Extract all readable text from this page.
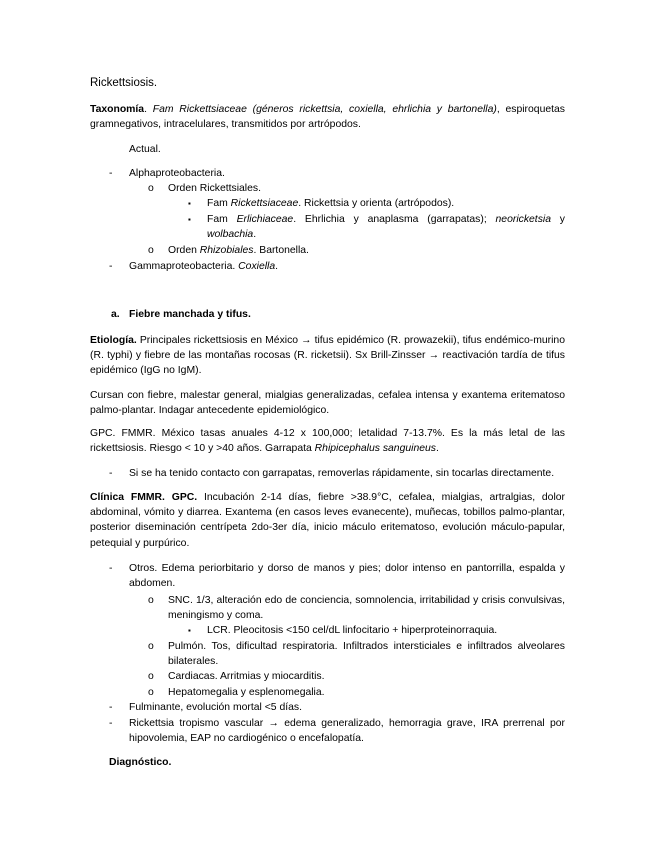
Rickettsiosis.

Taxonomía. Fam Rickettsiaceae (géneros rickettsia, coxiella, ehrlichia y bartonella), espiroquetas gramnegativos, intracelulares, transmitidos por artrópodos.

Actual.

- Alphaproteobacteria.

o Orden Rickettsiales.

▪ Fam Rickettsiaceae. Rickettsia y orienta (artrópodos).

▪ Fam Erlichiaceae. Ehrlichia y anaplasma (garrapatas); neoricketsia y wolbachia.

o Orden Rhizobiales. Bartonella.

- Gammaproteobacteria. Coxiella.

a. Fiebre manchada y tifus.

Etiología. Principales rickettsiosis en México → tifus epidémico (R. prowazekii), tifus endémico-murino (R. typhi) y fiebre de las montañas rocosas (R. ricketsii). Sx Brill-Zinsser → reactivación tardía de tifus epidémico (IgG no IgM).

Cursan con fiebre, malestar general, mialgias generalizadas, cefalea intensa y exantema eritematoso palmo-plantar. Indagar antecedente epidemiológico.

GPC. FMMR. México tasas anuales 4-12 x 100,000; letalidad 7-13.7%. Es la más letal de las rickettsiosis. Riesgo < 10 y >40 años. Garrapata Rhipicephalus sanguineus.

- Si se ha tenido contacto con garrapatas, removerlas rápidamente, sin tocarlas directamente.

Clínica FMMR. GPC. Incubación 2-14 días, fiebre >38.9°C, cefalea, mialgias, artralgias, dolor abdominal, vómito y diarrea. Exantema (en casos leves evanecente), muñecas, tobillos palmo-plantar, posterior diseminación centrípeta 2do-3er día, inicio máculo eritematoso, evolución máculo-papular, petequial y purpúrico.

- Otros. Edema periorbitario y dorso de manos y pies; dolor intenso en pantorrilla, espalda y abdomen.

o SNC. 1/3, alteración edo de conciencia, somnolencia, irritabilidad y crisis convulsivas, meningismo y coma.

▪ LCR. Pleocitosis <150 cel/dL linfocitario + hiperproteinorraquia.

o Pulmón. Tos, dificultad respiratoria. Infiltrados intersticiales e infiltrados alveolares bilaterales.

o Cardiacas. Arritmias y miocarditis.

o Hepatomegalia y esplenomegalia.

- Fulminante, evolución mortal <5 días.

- Rickettsia tropismo vascular → edema generalizado, hemorragia grave, IRA prerrenal por hipovolemia, EAP no cardiogénico o encefalopatía.

Diagnóstico.
